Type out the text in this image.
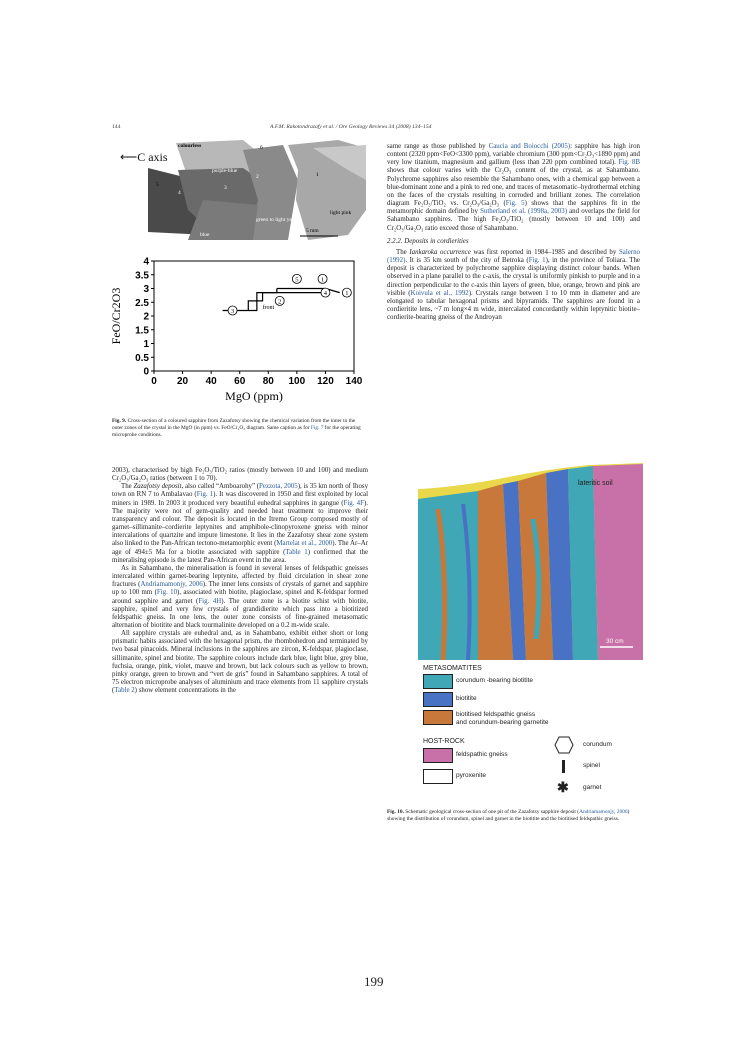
144	A.F.M. Rakotondrazafy et al. / Ore Geology Reviews 34 (2008) 134–154
colourless
purple-blue
green to light yellow
light pink
blue
5 mm
6
5
4
3
2	1
⟵C axis
0 20 40 60 80 100 120 140
0
0.5
1
1.5
2
2.5
3
3.5
4
MgO (ppm)
FeO/Cr2O3	3
2
4	1
5	1
front
Fig. 9. Cross-section of a coloured sapphire from Zazafotsy showing the chemical variation from the inner to the outer zones of the crystal in the MgO (in ppm) vs. FeO/Cr₂O₃ diagram. Same caption as for Fig. 7 for the operating microprobe conditions.

same range as those published by Caucia and Boiocchi (2005): sapphire has high iron content (2320 ppm<FeO<3300 ppm), variable chromium (300 ppm<Cr₂O₃<1890 ppm) and very low titanium, magnesium and gallium (less than 220 ppm combined total). Fig. 8B shows that colour varies with the Cr₂O₃ content of the crystal, as at Sahambano. Polychrome sapphires also resemble the Sahambano ones, with a chemical gap between a blue-dominant zone and a pink to red one, and traces of metasomatic–hydrothermal etching on the faces of the crystals resulting in corroded and brilliant zones. The correlation diagram Fe₂O₃/TiO₂ vs. Cr₂O₃/Ga₂O₃ (Fig. 5) shows that the sapphires fit in the metamorphic domain defined by Sutherland et al. (1998a, 2003) and overlaps the field for Sahambano sapphires. The high Fe₂O₃/TiO₂ (mostly between 10 and 100) and Cr₂O₃/Ga₂O₃ ratio exceed those of Sahambano.

2.2.2. Deposits in cordierities

The Iankaroka occurrence was first reported in 1984–1985 and described by Salerno (1992). It is 35 km south of the city of Betroka (Fig. 1), in the province of Toliara. The deposit is characterized by polychrome sapphire displaying distinct colour bands. When observed in a plane parallel to the c-axis, the crystal is uniformly pinkish to purple and in a direction perpendicular to the c-axis thin layers of green, blue, orange, brown and pink are visible (Koivula et al., 1992). Crystals range between 1 to 10 mm in diameter and are elongated to tabular hexagonal prisms and bipyramids. The sapphires are found in a cordieritite lens, ~7 m long×4 m wide, intercalated concordantly within leptynitic biotite–cordierite-bearing gneiss of the Androyan

2003), characterised by high Fe₂O₃/TiO₂ ratios (mostly between 10 and 100) and medium Cr₂O₃/Ga₂O₃ ratios (between 1 to 70).

The Zazafotsy deposit, also called “Amboarohy” (Pezzota, 2005), is 35 km north of Ihosy town on RN 7 to Ambalavao (Fig. 1). It was discovered in 1950 and first exploited by local miners in 1989. In 2003 it produced very beautiful euhedral sapphires in gangue (Fig. 4F). The majority were not of gem-quality and needed heat treatment to improve their transparency and colour. The deposit is located in the Itremo Group composed mostly of garnet–sillimanite–cordierite leptynites and amphibole-clinopyroxene gneiss with minor intercalations of quartzite and impure limestone. It lies in the Zazafotsy shear zone system also linked to the Pan-African tectono-metamorphic event (Martelat et al., 2000). The Ar–Ar age of 494±5 Ma for a biotite associated with sapphire (Table 1) confirmed that the mineralising episode is the latest Pan-African event in the area.

As in Sahambano, the mineralisation is found in several lenses of feldspathic gneisses intercalated within garnet-bearing leptynite, affected by fluid circulation in shear zone fractures (Andriamamonjy, 2006). The inner lens consists of crystals of garnet and sapphire up to 100 mm (Fig. 10), associated with biotite, plagioclase, spinel and K-feldspar formed around sapphire and garnet (Fig. 4H). The outer zone is a biotite schist with biotite, sapphire, spinel and very few crystals of grandidierite which pass into a biotitized feldspathic gneiss. In one lens, the outer zone consists of fine-grained metasomatic alternation of biotitite and black tourmalinite developed on a 0.2 m-wide scale.

All sapphire crystals are euhedral and, as in Sahambano, exhibit either short or long prismatic habits associated with the hexagonal prism, the rhombohedron and terminated by two basal pinacoids. Mineral inclusions in the sapphires are zircon, K-feldspar, plagioclase, sillimanite, spinel and biotite. The sapphire colours include dark blue, light blue, grey blue, fuchsia, orange, pink, violet, mauve and brown, but lack colours such as yellow to brown, pinky orange, green to brown and “vert de gris” found in Sahambano sapphires. A total of 75 electron microprobe analyses of aluminium and trace elements from 11 sapphire crystals (Table 2) show element concentrations in the

lateritic soil
30 cm
METASOMATITES
corundum -bearing biotitite
biotitite
biotitised feldspathic gneiss
and corundum-bearing garnetite
HOST-ROCK
feldspathic gneiss
pyroxenite
corundum
spinel
✱ garnet
Fig. 10. Schematic geological cross-section of one pit of the Zazafotsy sapphire deposit (Andriamamonjy, 2006) showing the distribution of corundum, spinel and garnet in the biotitite and the biotitised feldspathic gneiss.
199
